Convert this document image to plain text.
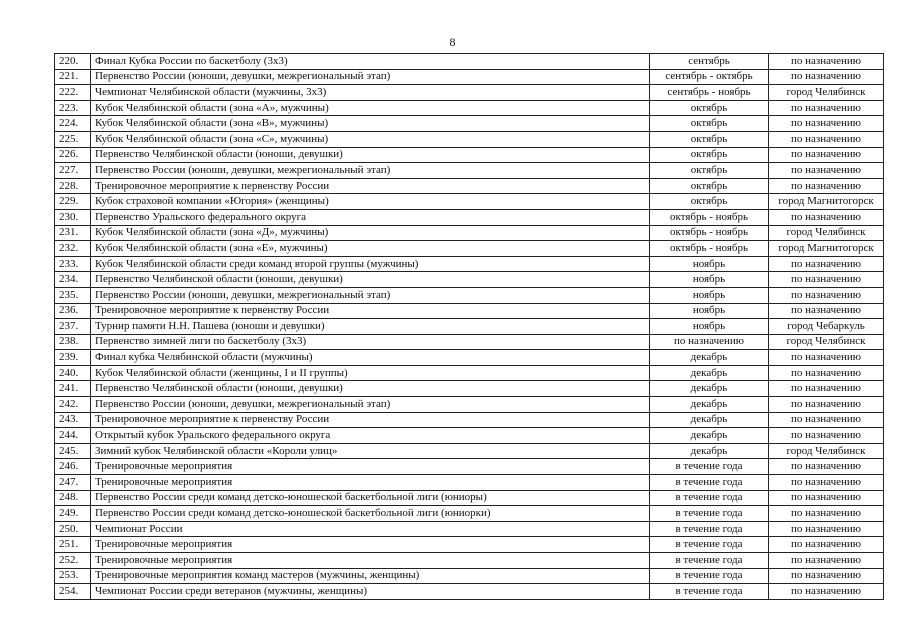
8
220.	Финал Кубка России по баскетболу (3х3)	сентябрь	по назначению
221.	Первенство России (юноши, девушки, межрегиональный этап)	сентябрь - октябрь	по назначению
222.	Чемпионат Челябинской области (мужчины, 3х3)	сентябрь - ноябрь	город Челябинск
223.	Кубок Челябинской области (зона «А», мужчины)	октябрь	по назначению
224.	Кубок Челябинской области (зона «В», мужчины)	октябрь	по назначению
225.	Кубок Челябинской области (зона «С», мужчины)	октябрь	по назначению
226.	Первенство Челябинской области (юноши, девушки)	октябрь	по назначению
227.	Первенство России (юноши, девушки, межрегиональный этап)	октябрь	по назначению
228.	Тренировочное мероприятие к первенству России	октябрь	по назначению
229.	Кубок страховой компании «Югория» (женщины)	октябрь	город Магнитогорск
230.	Первенство Уральского федерального округа	октябрь - ноябрь	по назначению
231.	Кубок Челябинской области (зона «Д», мужчины)	октябрь - ноябрь	город Челябинск
232.	Кубок Челябинской области (зона «Е», мужчины)	октябрь - ноябрь	город Магнитогорск
233.	Кубок Челябинской области среди команд второй группы (мужчины)	ноябрь	по назначению
234.	Первенство Челябинской области (юноши, девушки)	ноябрь	по назначению
235.	Первенство России (юноши, девушки, межрегиональный этап)	ноябрь	по назначению
236.	Тренировочное мероприятие к первенству России	ноябрь	по назначению
237.	Турнир памяти Н.Н. Пашева (юноши и девушки)	ноябрь	город Чебаркуль
238.	Первенство зимней лиги по баскетболу (3х3)	по назначению	город Челябинск
239.	Финал кубка Челябинской области (мужчины)	декабрь	по назначению
240.	Кубок Челябинской области (женщины, I и II группы)	декабрь	по назначению
241.	Первенство Челябинской области (юноши, девушки)	декабрь	по назначению
242.	Первенство России (юноши, девушки, межрегиональный этап)	декабрь	по назначению
243.	Тренировочное мероприятие к первенству России	декабрь	по назначению
244.	Открытый кубок Уральского федерального округа	декабрь	по назначению
245.	Зимний кубок Челябинской области «Короли улиц»	декабрь	город Челябинск
246.	Тренировочные мероприятия	в течение года	по назначению
247.	Тренировочные мероприятия	в течение года	по назначению
248.	Первенство России среди команд детско-юношеской баскетбольной лиги (юниоры)	в течение года	по назначению
249.	Первенство России среди команд детско-юношеской баскетбольной лиги (юниорки)	в течение года	по назначению
250.	Чемпионат России	в течение года	по назначению
251.	Тренировочные мероприятия	в течение года	по назначению
252.	Тренировочные мероприятия	в течение года	по назначению
253.	Тренировочные мероприятия команд мастеров (мужчины, женщины)	в течение года	по назначению
254.	Чемпионат России среди ветеранов (мужчины, женщины)	в течение года	по назначению
